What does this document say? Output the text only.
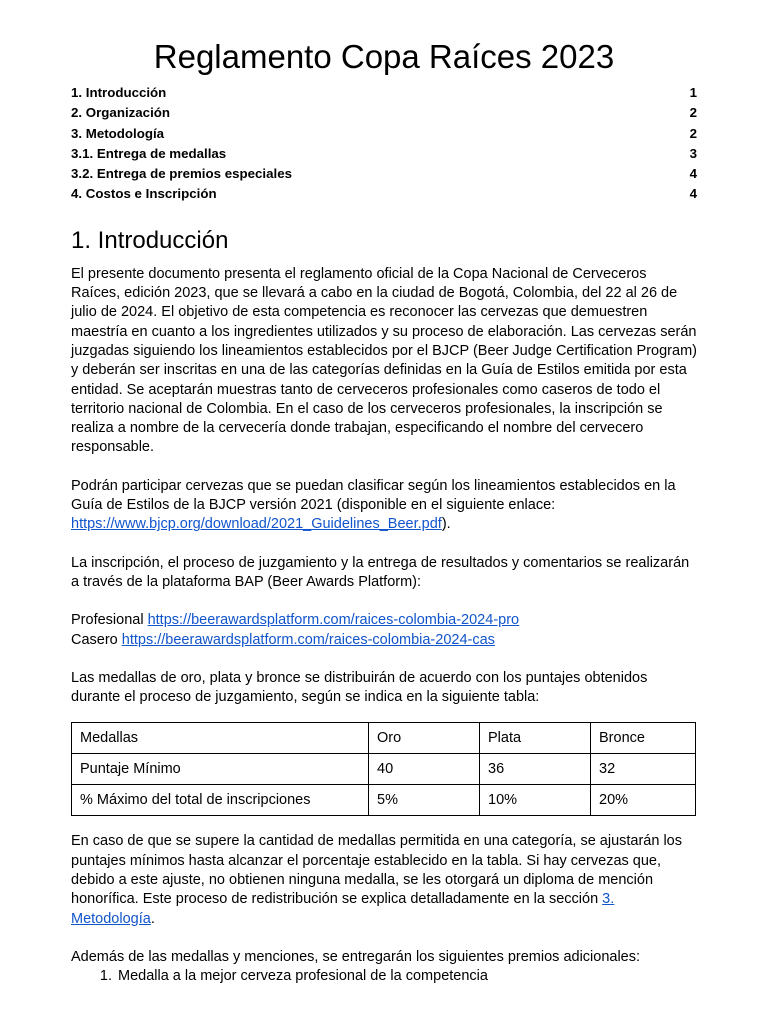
Reglamento Copa Raíces 2023
1. Introducción	1
2. Organización	2
3. Metodología	2
3.1. Entrega de medallas	3
3.2. Entrega de premios especiales	4
4. Costos e Inscripción	4
1. Introducción

El presente documento presenta el reglamento oficial de la Copa Nacional de Cerveceros Raíces, edición 2023, que se llevará a cabo en la ciudad de Bogotá, Colombia, del 22 al 26 de julio de 2024. El objetivo de esta competencia es reconocer las cervezas que demuestren maestría en cuanto a los ingredientes utilizados y su proceso de elaboración. Las cervezas serán juzgadas siguiendo los lineamientos establecidos por el BJCP (Beer Judge Certification Program) y deberán ser inscritas en una de las categorías definidas en la Guía de Estilos emitida por esta entidad. Se aceptarán muestras tanto de cerveceros profesionales como caseros de todo el territorio nacional de Colombia. En el caso de los cerveceros profesionales, la inscripción se realiza a nombre de la cervecería donde trabajan, especificando el nombre del cervecero responsable.

Podrán participar cervezas que se puedan clasificar según los lineamientos establecidos en la Guía de Estilos de la BJCP versión 2021 (disponible en el siguiente enlace: https://www.bjcp.org/download/2021_Guidelines_Beer.pdf).

La inscripción, el proceso de juzgamiento y la entrega de resultados y comentarios se realizarán a través de la plataforma BAP (Beer Awards Platform):

Profesional https://beerawardsplatform.com/raices-colombia-2024-pro

Casero https://beerawardsplatform.com/raices-colombia-2024-cas

Las medallas de oro, plata y bronce se distribuirán de acuerdo con los puntajes obtenidos durante el proceso de juzgamiento, según se indica en la siguiente tabla:

Medallas	Oro	Plata	Bronce
Puntaje Mínimo	40	36	32
% Máximo del total de inscripciones	5%	10%	20%

En caso de que se supere la cantidad de medallas permitida en una categoría, se ajustarán los puntajes mínimos hasta alcanzar el porcentaje establecido en la tabla. Si hay cervezas que, debido a este ajuste, no obtienen ninguna medalla, se les otorgará un diploma de mención honorífica. Este proceso de redistribución se explica detalladamente en la sección 3. Metodología.

Además de las medallas y menciones, se entregarán los siguientes premios adicionales:

1. Medalla a la mejor cerveza profesional de la competencia
